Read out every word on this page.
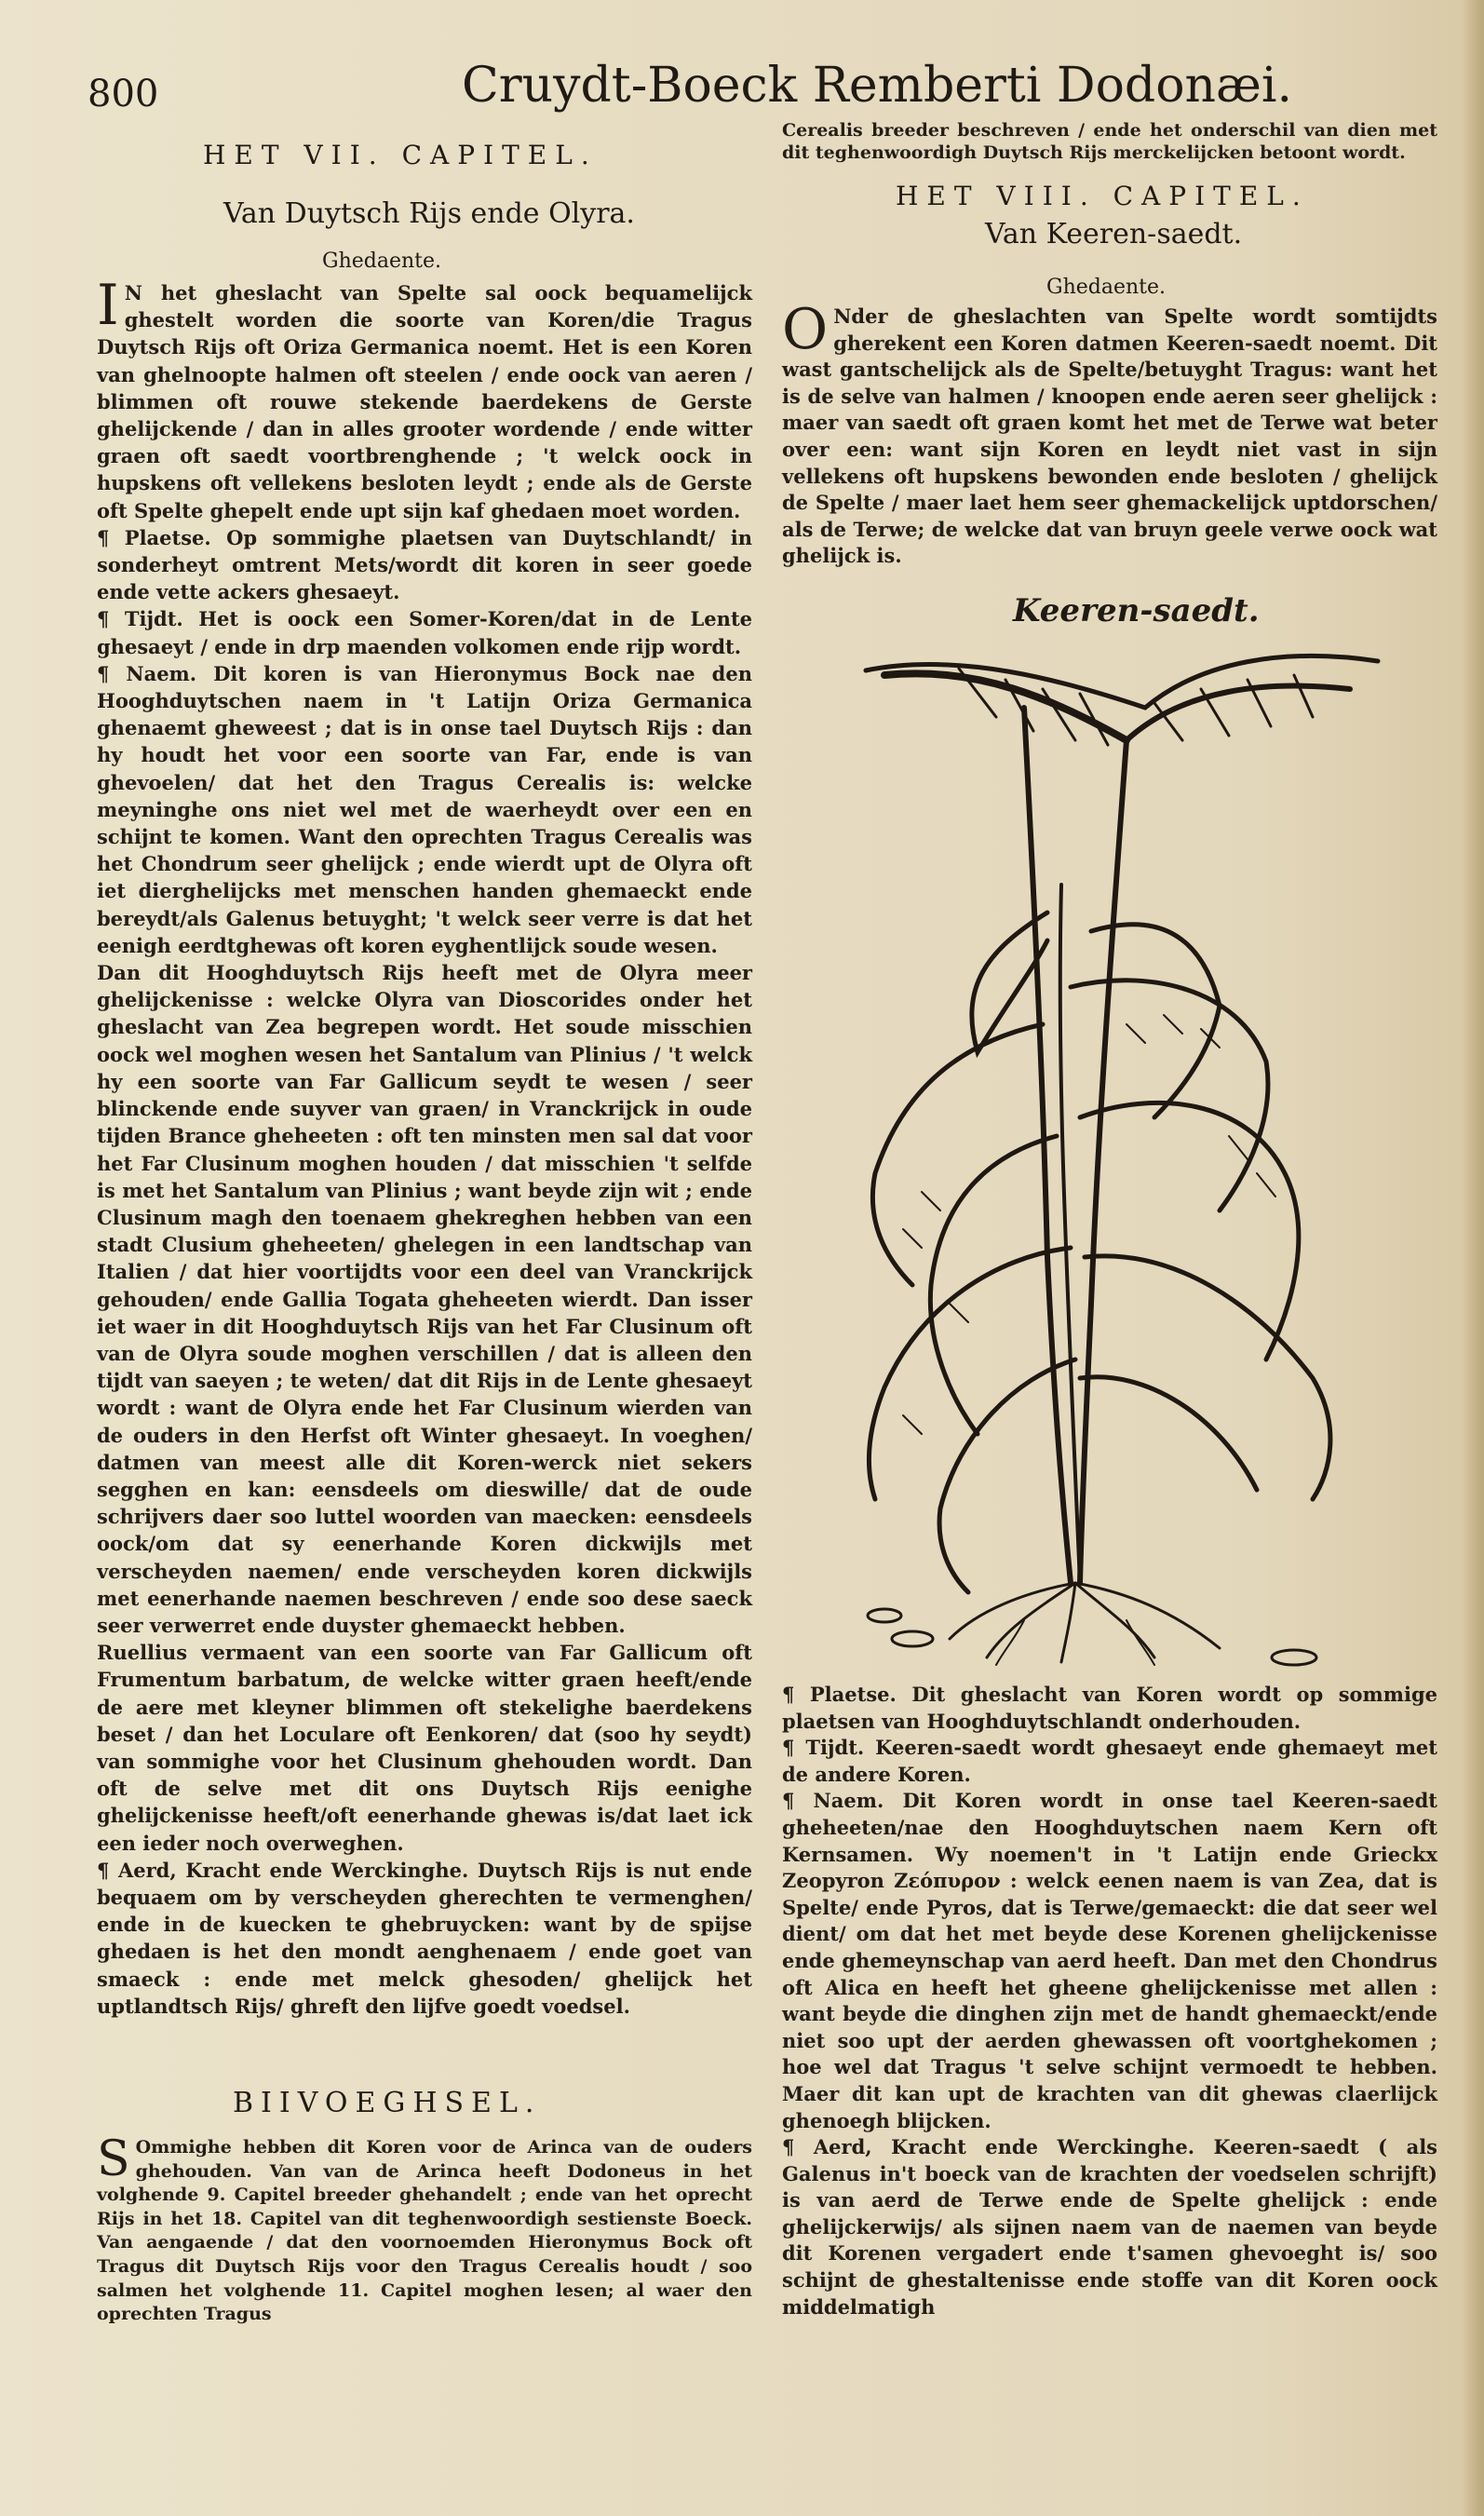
800	Cruydt-Boeck Remberti Dodonæi.
HET VII. CAPITEL.
Van Duytsch Rijs ende Olyra.
Ghedaente.
I N het gheslacht van Spelte sal oock bequamelijck ghestelt worden die soorte van Koren/die Tragus Duytsch Rijs oft Oriza Germanica noemt. Het is een Koren van ghelnoopte halmen oft steelen / ende oock van aeren / blimmen oft rouwe stekende baerdekens de Gerste ghelijckende / dan in alles grooter wordende / ende witter graen oft saedt voortbrenghende ; 't welck oock in hupskens oft vellekens besloten leydt ; ende als de Gerste oft Spelte ghepelt ende upt sijn kaf ghedaen moet worden.
¶ Plaetse. Op sommighe plaetsen van Duytschlandt/ in sonderheyt omtrent Mets/wordt dit koren in seer goede ende vette ackers ghesaeyt.
¶ Tijdt. Het is oock een Somer-Koren/dat in de Lente ghesaeyt / ende in drp maenden volkomen ende rijp wordt.
¶ Naem. Dit koren is van Hieronymus Bock nae den Hooghduytschen naem in 't Latijn Oriza Germanica ghenaemt gheweest ; dat is in onse tael Duytsch Rijs : dan hy houdt het voor een soorte van Far, ende is van ghevoelen/ dat het den Tragus Cerealis is: welcke meyninghe ons niet wel met de waerheydt over een en schijnt te komen. Want den oprechten Tragus Cerealis was het Chondrum seer ghelijck ; ende wierdt upt de Olyra oft iet dierghelijcks met menschen handen ghemaeckt ende bereydt/als Galenus betuyght; 't welck seer verre is dat het eenigh eerdtghewas oft koren eyghentlijck soude wesen.
Dan dit Hooghduytsch Rijs heeft met de Olyra meer ghelijckenisse : welcke Olyra van Dioscorides onder het gheslacht van Zea begrepen wordt. Het soude misschien oock wel moghen wesen het Santalum van Plinius / 't welck hy een soorte van Far Gallicum seydt te wesen / seer blinckende ende suyver van graen/ in Vranckrijck in oude tijden Brance gheheeten : oft ten minsten men sal dat voor het Far Clusinum moghen houden / dat misschien 't selfde is met het Santalum van Plinius ; want beyde zijn wit ; ende Clusinum magh den toenaem ghekreghen hebben van een stadt Clusium gheheeten/ ghelegen in een landtschap van Italien / dat hier voortijdts voor een deel van Vranckrijck gehouden/ ende Gallia Togata gheheeten wierdt. Dan isser iet waer in dit Hooghduytsch Rijs van het Far Clusinum oft van de Olyra soude moghen verschillen / dat is alleen den tijdt van saeyen ; te weten/ dat dit Rijs in de Lente ghesaeyt wordt : want de Olyra ende het Far Clusinum wierden van de ouders in den Herfst oft Winter ghesaeyt. In voeghen/ datmen van meest alle dit Koren-werck niet sekers segghen en kan: eensdeels om dieswille/ dat de oude schrijvers daer soo luttel woorden van maecken: eensdeels oock/om dat sy eenerhande Koren dickwijls met verscheyden naemen/ ende verscheyden koren dickwijls met eenerhande naemen beschreven / ende soo dese saeck seer verwerret ende duyster ghemaeckt hebben.
Ruellius vermaent van een soorte van Far Gallicum oft Frumentum barbatum, de welcke witter graen heeft/ende de aere met kleyner blimmen oft stekelighe baerdekens beset / dan het Loculare oft Eenkoren/ dat (soo hy seydt) van sommighe voor het Clusinum ghehouden wordt. Dan oft de selve met dit ons Duytsch Rijs eenighe ghelijckenisse heeft/oft eenerhande ghewas is/dat laet ick een ieder noch overweghen.
¶ Aerd, Kracht ende Werckinghe. Duytsch Rijs is nut ende bequaem om by verscheyden gherechten te vermenghen/ ende in de kuecken te ghebruycken: want by de spijse ghedaen is het den mondt aenghenaem / ende goet van smaeck : ende met melck ghesoden/ ghelijck het uptlandtsch Rijs/ ghreft den lijfve goedt voedsel.
BIIVOEGHSEL.
S Ommighe hebben dit Koren voor de Arinca van de ouders ghehouden. Van van de Arinca heeft Dodoneus in het volghende 9. Capitel breeder ghehandelt ; ende van het oprecht Rijs in het 18. Capitel van dit teghenwoordigh sestienste Boeck. Van aengaende / dat den voornoemden Hieronymus Bock oft Tragus dit Duytsch Rijs voor den Tragus Cerealis houdt / soo salmen het volghende 11. Capitel moghen lesen; al waer den oprechten Tragus
Cerealis breeder beschreven / ende het onderschil van dien met dit teghenwoordigh Duytsch Rijs merckelijcken betoont wordt.
HET VIII. CAPITEL.
Van Keeren-saedt.
Ghedaente.
O Nder de gheslachten van Spelte wordt somtijdts gherekent een Koren datmen Keeren-saedt noemt. Dit wast gantschelijck als de Spelte/betuyght Tragus: want het is de selve van halmen / knoopen ende aeren seer ghelijck : maer van saedt oft graen komt het met de Terwe wat beter over een: want sijn Koren en leydt niet vast in sijn vellekens oft hupskens bewonden ende besloten / ghelijck de Spelte / maer laet hem seer ghemackelijck uptdorschen/ als de Terwe; de welcke dat van bruyn geele verwe oock wat ghelijck is.
Keeren-saedt.
¶ Plaetse. Dit gheslacht van Koren wordt op sommige plaetsen van Hooghduytschlandt onderhouden.
¶ Tijdt. Keeren-saedt wordt ghesaeyt ende ghemaeyt met de andere Koren.
¶ Naem. Dit Koren wordt in onse tael Keeren-saedt gheheeten/nae den Hooghduytschen naem Kern oft Kernsamen. Wy noemen't in 't Latijn ende Grieckx Zeopyron Ζεόπυρον : welck eenen naem is van Zea, dat is Spelte/ ende Pyros, dat is Terwe/gemaeckt: die dat seer wel dient/ om dat het met beyde dese Korenen ghelijckenisse ende ghemeynschap van aerd heeft. Dan met den Chondrus oft Alica en heeft het gheene ghelijckenisse met allen : want beyde die dinghen zijn met de handt ghemaeckt/ende niet soo upt der aerden ghewassen oft voortghekomen ; hoe wel dat Tragus 't selve schijnt vermoedt te hebben. Maer dit kan upt de krachten van dit ghewas claerlijck ghenoegh blijcken.
¶ Aerd, Kracht ende Werckinghe. Keeren-saedt ( als Galenus in't boeck van de krachten der voedselen schrijft) is van aerd de Terwe ende de Spelte ghelijck : ende ghelijckerwijs/ als sijnen naem van de naemen van beyde dit Korenen vergadert ende t'samen ghevoeght is/ soo schijnt de ghestaltenisse ende stoffe van dit Koren oock middelmatigh
